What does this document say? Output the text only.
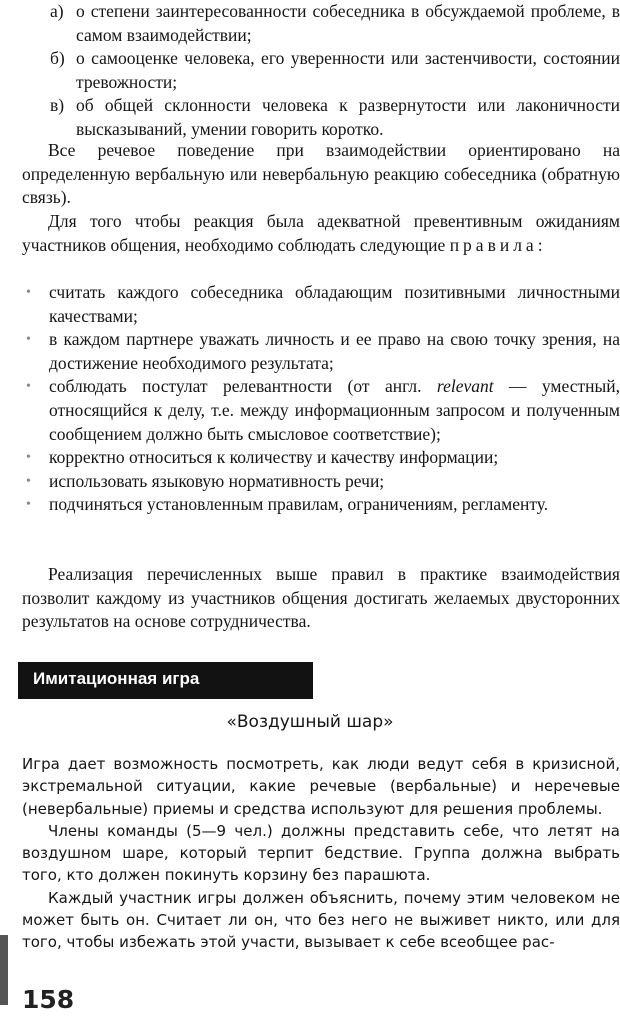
а) о степени заинтересованности собеседника в обсуждаемой проблеме, в самом взаимодействии;
б) о самооценке человека, его уверенности или застенчивости, состоянии тревожности;
в) об общей склонности человека к развернутости или лаконичности высказываний, умении говорить коротко.

Все речевое поведение при взаимодействии ориентировано на определенную вербальную или невербальную реакцию собеседника (обратную связь).

Для того чтобы реакция была адекватной превентивным ожиданиям участников общения, необходимо соблюдать следующие правила:

• считать каждого собеседника обладающим позитивными личностными качествами;
• в каждом партнере уважать личность и ее право на свою точку зрения, на достижение необходимого результата;
• соблюдать постулат релевантности (от англ. relevant — уместный, относящийся к делу, т.е. между информационным запросом и полученным сообщением должно быть смысловое соответствие);
• корректно относиться к количеству и качеству информации;
• использовать языковую нормативность речи;
• подчиняться установленным правилам, ограничениям, регламенту.

Реализация перечисленных выше правил в практике взаимодействия позволит каждому из участников общения достигать желаемых двусторонних результатов на основе сотрудничества.

Имитационная игра
«Воздушный шар»

Игра дает возможность посмотреть, как люди ведут себя в кризисной, экстремальной ситуации, какие речевые (вербальные) и неречевые (невербальные) приемы и средства используют для решения проблемы.

Члены команды (5—9 чел.) должны представить себе, что летят на воздушном шаре, который терпит бедствие. Группа должна выбрать того, кто должен покинуть корзину без парашюта.

Каждый участник игры должен объяснить, почему этим человеком не может быть он. Считает ли он, что без него не выживет никто, или для того, чтобы избежать этой участи, вызывает к себе всеобщее рас-

158
